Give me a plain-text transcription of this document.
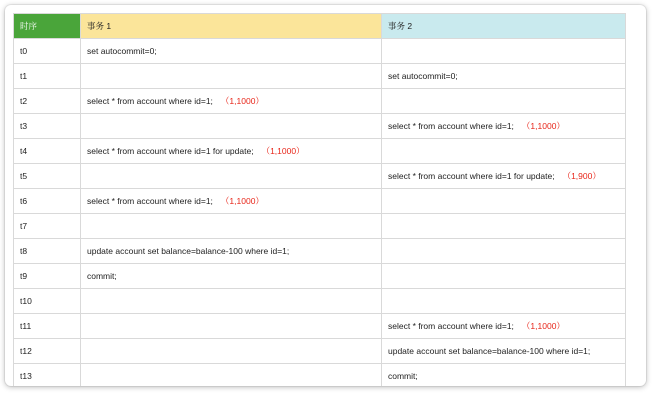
时序	事务 1	事务 2
t0	set autocommit=0;	
t1		set autocommit=0;
t2	select * from account where id=1; （1,1000）	
t3		select * from account where id=1; （1,1000）
t4	select * from account where id=1 for update; （1,1000）	
t5		select * from account where id=1 for update; （1,900）
t6	select * from account where id=1; （1,1000）	
t7		
t8	update account set balance=balance-100 where id=1;	
t9	commit;	
t10		
t11		select * from account where id=1; （1,1000）
t12		update account set balance=balance-100 where id=1;
t13		commit;
